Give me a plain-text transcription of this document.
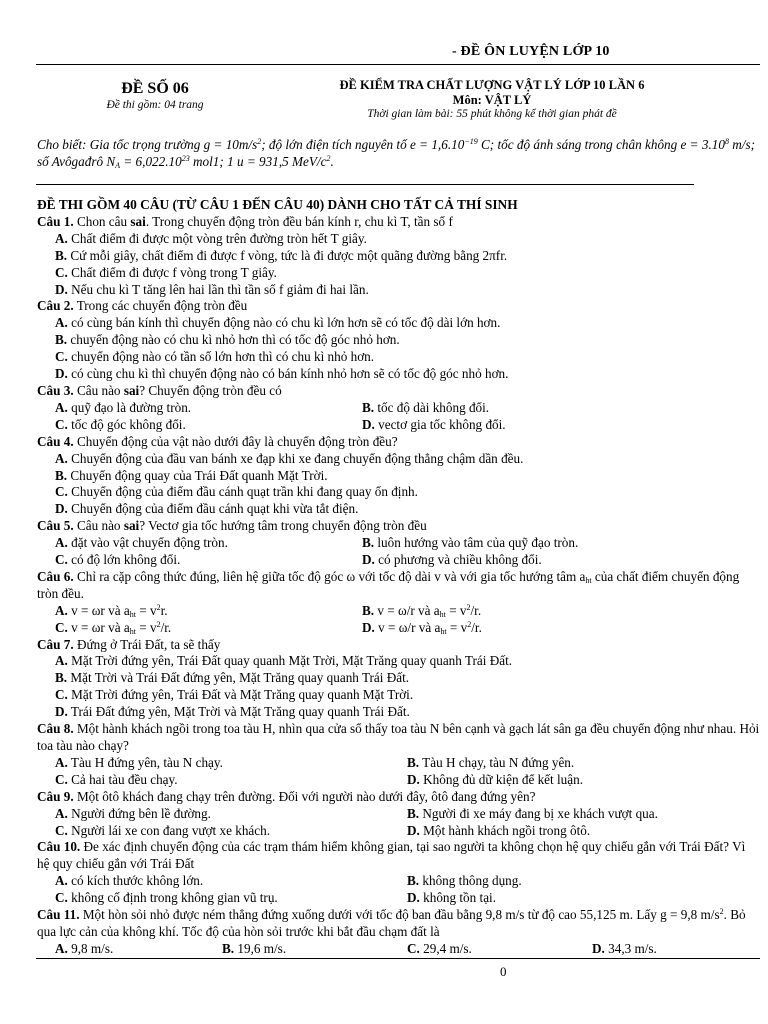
- ĐỀ ÔN LUYỆN LỚP 10
ĐỀ SỐ 06
Đề thi gồm: 04 trang
ĐỀ KIỂM TRA CHẤT LƯỢNG VẬT LÝ LỚP 10 LẦN 6
Môn: VẬT LÝ
Thời gian làm bài: 55 phút không kể thời gian phát đề
Cho biết: Gia tốc trọng trường $g = 10m/s^2$; độ lớn điện tích nguyên tố $e = 1,6.10^{-19}$ C; tốc độ ánh sáng trong chân không $e = 3.10^8$ m/s; số Avôgađrô $N_A = 6,022.10^{23}$ mol1; 1 u = 931,5 MeV/$c^2$.
ĐỀ THI GỒM 40 CÂU (TỪ CÂU 1 ĐẾN CÂU 40) DÀNH CHO TẤT CẢ THÍ SINH
Câu 1. Chon câu sai. Trong chuyển động tròn đều bán kính r, chu kì T, tần số f
A. Chất điểm đi được một vòng trên đường tròn hết T giây.
B. Cứ mỗi giây, chất điểm đi được f vòng, tức là đi được một quãng đường bằng 2πfr.
C. Chất điểm đi được f vòng trong T giây.
D. Nếu chu kì T tăng lên hai lần thì tần số f giảm đi hai lần.
Câu 2. Trong các chuyển động tròn đều
A. có cùng bán kính thì chuyển động nào có chu kì lớn hơn sẽ có tốc độ dài lớn hơn.
B. chuyển động nào có chu kì nhỏ hơn thì có tốc độ góc nhỏ hơn.
C. chuyển động nào có tần số lớn hơn thì có chu kì nhỏ hơn.
D. có cùng chu kì thì chuyển động nào có bán kính nhỏ hơn sẽ có tốc độ góc nhỏ hơn.
Câu 3. Câu nào sai? Chuyển động tròn đều có
A. quỹ đạo là đường tròn.	B. tốc độ dài không đổi.
C. tốc độ góc không đổi.	D. vectơ gia tốc không đổi.
Câu 4. Chuyển động của vật nào dưới đây là chuyển động tròn đều?
A. Chuyển động của đầu van bánh xe đạp khi xe đang chuyển động thẳng chậm dần đều.
B. Chuyển động quay của Trái Đất quanh Mặt Trời.
C. Chuyển động của điểm đầu cánh quạt trần khi đang quay ổn định.
D. Chuyển động của điểm đầu cánh quạt khi vừa tắt điện.
Câu 5. Câu nào sai? Vectơ gia tốc hướng tâm trong chuyển động tròn đều
A. đặt vào vật chuyển động tròn.	B. luôn hướng vào tâm của quỹ đạo tròn.
C. có độ lớn không đổi.	D. có phương và chiều không đổi.
Câu 6. Chỉ ra cặp công thức đúng, liên hệ giữa tốc độ góc ω với tốc độ dài v và với gia tốc hướng tâm $a_{ht}$ của chất điểm chuyển động tròn đều.
A. v = ωr và $a_{ht} = v^2r$.	B. v = ω/r và $a_{ht} = v^2/r$.
C. v = ωr và $a_{ht} = v^2/r$.	D. v = ω/r và $a_{ht} = v^2/r$.
Câu 7. Đứng ở Trái Đất, ta sẽ thấy
A. Mặt Trời đứng yên, Trái Đất quay quanh Mặt Trời, Mặt Trăng quay quanh Trái Đất.
B. Mặt Trời và Trái Đất đứng yên, Mặt Trăng quay quanh Trái Đất.
C. Mặt Trời đứng yên, Trái Đất và Mặt Trăng quay quanh Mặt Trời.
D. Trái Đất đứng yên, Mặt Trời và Mặt Trăng quay quanh Trái Đất.
Câu 8. Một hành khách ngồi trong toa tàu H, nhìn qua cửa sổ thấy toa tàu N bên cạnh và gạch lát sân ga đều chuyển động như nhau. Hỏi toa tàu nào chạy?
A. Tàu H đứng yên, tàu N chạy.	B. Tàu H chạy, tàu N đứng yên.
C. Cả hai tàu đều chạy.	D. Không đủ dữ kiện để kết luận.
Câu 9. Một ôtô khách đang chạy trên đường. Đối với người nào dưới đây, ôtô đang đứng yên?
A. Người đứng bên lề đường.	B. Người đi xe máy đang bị xe khách vượt qua.
C. Người lái xe con đang vượt xe khách.	D. Một hành khách ngồi trong ôtô.
Câu 10. Đe xác định chuyển động của các trạm thám hiểm không gian, tại sao người ta không chọn hệ quy chiếu gắn với Trái Đất? Vì hệ quy chiếu gắn với Trái Đất
A. có kích thước không lớn.	B. không thông dụng.
C. không cố định trong không gian vũ trụ.	D. không tồn tại.
Câu 11. Một hòn sỏi nhỏ được ném thẳng đứng xuống dưới với tốc độ ban đầu bằng 9,8 m/s từ độ cao 55,125 m. Lấy g = 9,8 $m/s^2$. Bỏ qua lực cản của không khí. Tốc độ của hòn sỏi trước khi bắt đầu chạm đất là
A. 9,8 m/s.	B. 19,6 m/s.	C. 29,4 m/s.	D. 34,3 m/s.
0
